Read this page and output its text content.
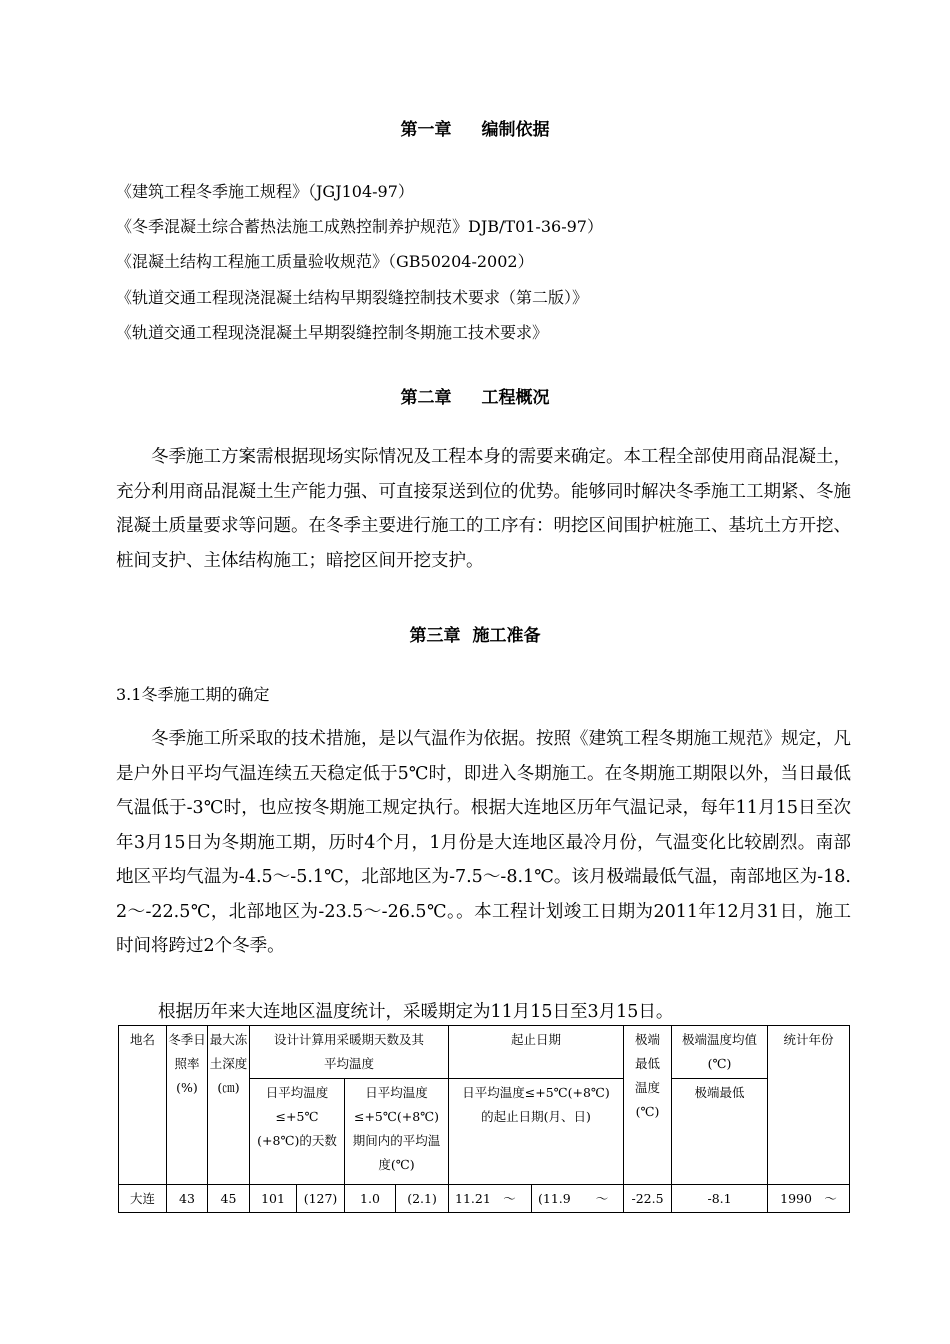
第一章 编制依据

《建筑工程冬季施工规程》（JGJ104-97）

《冬季混凝土综合蓄热法施工成熟控制养护规范》DJB/T01-36-97）

《混凝土结构工程施工质量验收规范》（GB50204-2002）

《轨道交通工程现浇混凝土结构早期裂缝控制技术要求（第二版）》

《轨道交通工程现浇混凝土早期裂缝控制冬期施工技术要求》

第二章 工程概况

冬季施工方案需根据现场实际情况及工程本身的需要来确定。本工程全部使用商品混凝土，充分利用商品混凝土生产能力强、可直接泵送到位的优势。能够同时解决冬季施工工期紧、冬施混凝土质量要求等问题。在冬季主要进行施工的工序有：明挖区间围护桩施工、基坑土方开挖、桩间支护、主体结构施工；暗挖区间开挖支护。

第三章 施工准备

3.1冬季施工期的确定

冬季施工所采取的技术措施，是以气温作为依据。按照《建筑工程冬期施工规范》规定，凡是户外日平均气温连续五天稳定低于5℃时，即进入冬期施工。在冬期施工期限以外，当日最低气温低于-3℃时，也应按冬期施工规定执行。根据大连地区历年气温记录，每年11月15日至次年3月15日为冬期施工期，历时4个月，1月份是大连地区最冷月份，气温变化比较剧烈。南部地区平均气温为-4.5～-5.1℃，北部地区为-7.5～-8.1℃。该月极端最低气温，南部地区为-18.2～-22.5℃，北部地区为-23.5～-26.5℃。。本工程计划竣工日期为2011年12月31日，施工时间将跨过2个冬季。

根据历年来大连地区温度统计，采暖期定为11月15日至3月15日。

地名	冬季日照率(%)	最大冻土深度(㎝)	设计计算用采暖期天数及其平均温度				起止日期		极端最低温度(℃)	极端温度均值(℃)	统计年份
			日平均温度≤+5℃(+8℃)的天数		日平均温度≤+5℃(+8℃)期间内的平均温度(℃)		日平均温度≤+5℃(+8℃)的起止日期(月、日)			极端最低	
大连	43	45	101	(127)	1.0	(2.1)	11.21　～	(11.9　　～	-22.5	-8.1	1990　～
